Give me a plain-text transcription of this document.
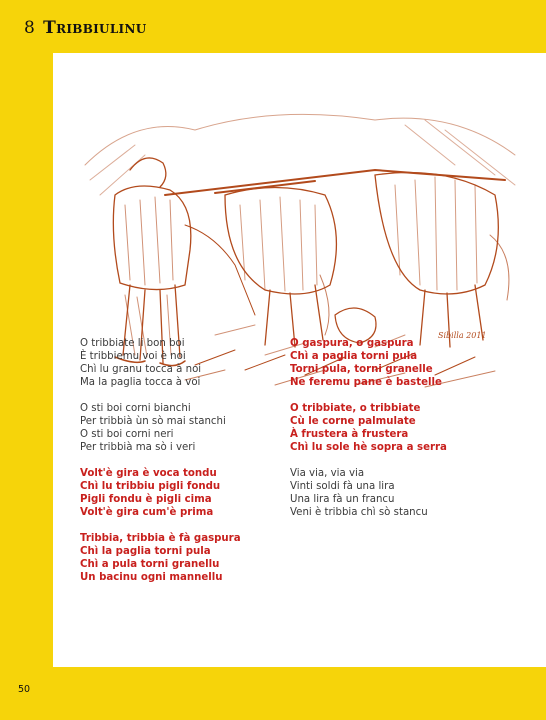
8 Tribbiulinu
Sibilla 2011
O tribbiate li bon boi
È tribbiemu voi è noi
Chì lu granu tocca à noi
Ma la paglia tocca à voi
O sti boi corni bianchi
Per tribbià ùn sò mai stanchi
O sti boi corni neri
Per tribbià ma sò i veri
Volt'è gira è voca tondu
Chì lu tribbiu pigli fondu
Pigli fondu è pigli cima
Volt'è gira cum'è prima
Tribbia, tribbia è fà gaspura
Chì la paglia torni pula
Chì a pula torni granellu
Un bacinu ogni mannellu
O gaspura, o gaspura
Chì a paglia torni pula
Torni pula, torni granelle
Ne feremu pane è bastelle
O tribbiate, o tribbiate
Cù le corne palmulate
À frustera à frustera
Chì lu sole hè sopra a serra
Via via, via via
Vinti soldi fà una lira
Una lira fà un francu
Veni è tribbia chì sò stancu
50
